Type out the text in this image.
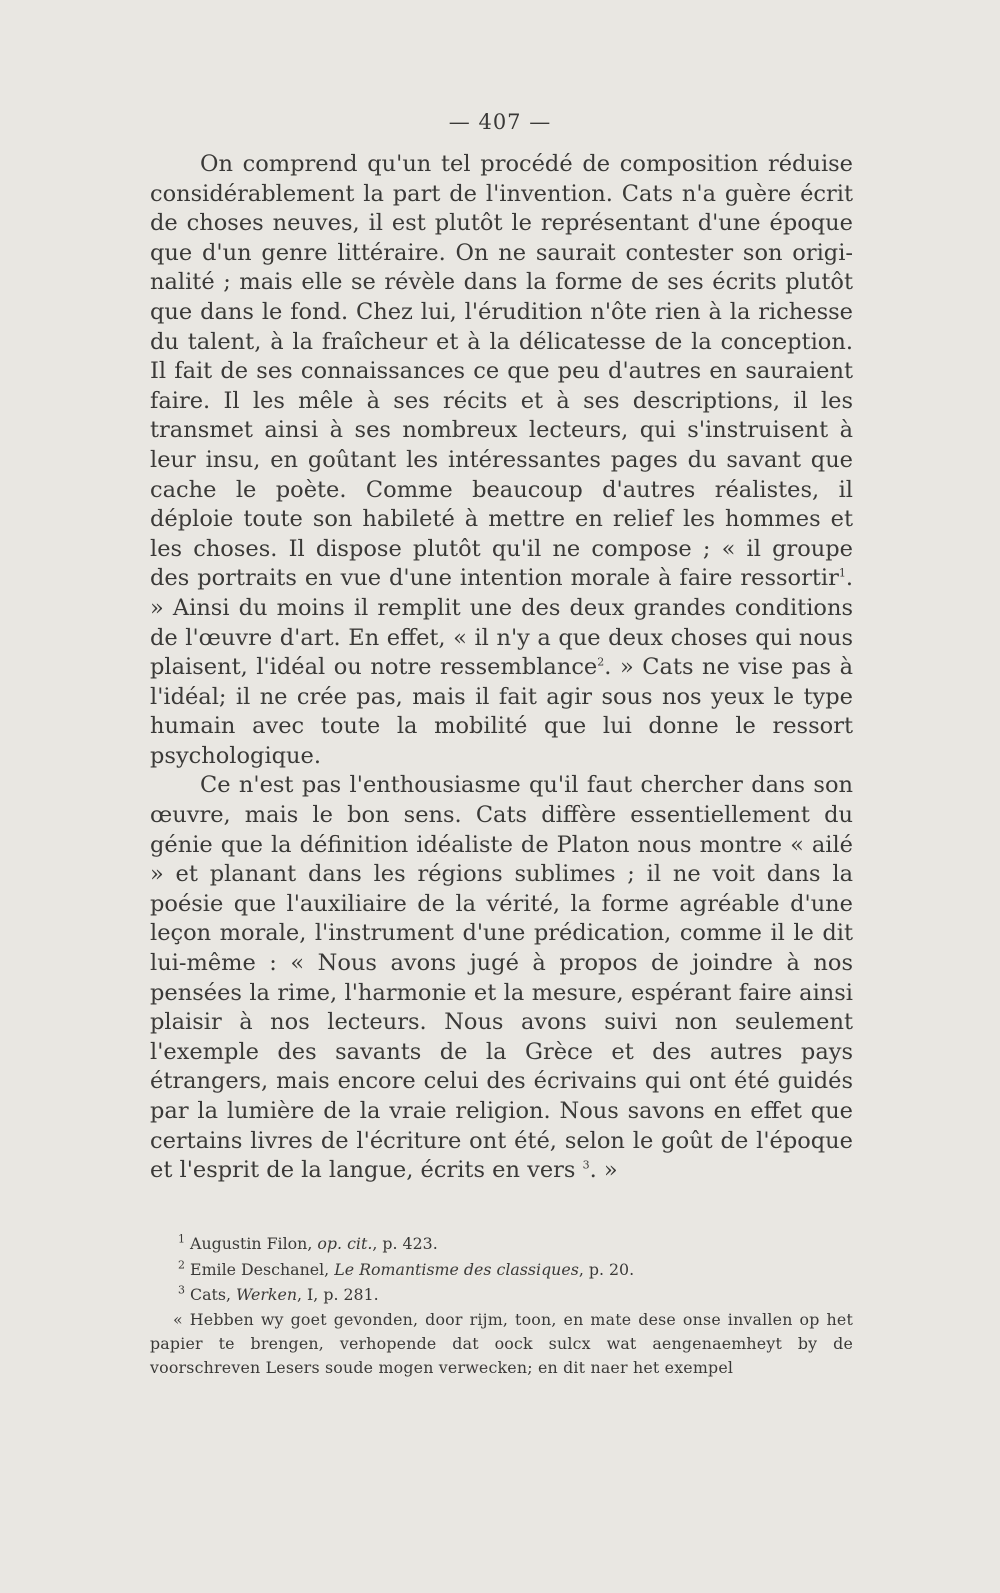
— 407 —

On comprend qu'un tel procédé de composition réduise considérablement la part de l'invention. Cats n'a guère écrit de choses neuves, il est plutôt le représentant d'une époque que d'un genre littéraire. On ne saurait contester son origi-nalité ; mais elle se révèle dans la forme de ses écrits plutôt que dans le fond. Chez lui, l'érudition n'ôte rien à la richesse du talent, à la fraîcheur et à la délicatesse de la conception. Il fait de ses connaissances ce que peu d'autres en sauraient faire. Il les mêle à ses récits et à ses descriptions, il les transmet ainsi à ses nombreux lecteurs, qui s'instruisent à leur insu, en goûtant les intéressantes pages du savant que cache le poète. Comme beaucoup d'autres réalistes, il déploie toute son habileté à mettre en relief les hommes et les choses. Il dispose plutôt qu'il ne compose ; « il groupe des portraits en vue d'une intention morale à faire ressortir$^1$. » Ainsi du moins il remplit une des deux grandes conditions de l'œuvre d'art. En effet, « il n'y a que deux choses qui nous plaisent, l'idéal ou notre ressemblance$^2$. » Cats ne vise pas à l'idéal; il ne crée pas, mais il fait agir sous nos yeux le type humain avec toute la mobilité que lui donne le ressort psychologique.

Ce n'est pas l'enthousiasme qu'il faut chercher dans son œuvre, mais le bon sens. Cats diffère essentiellement du génie que la définition idéaliste de Platon nous montre « ailé » et planant dans les régions sublimes ; il ne voit dans la poésie que l'auxiliaire de la vérité, la forme agréable d'une leçon morale, l'instrument d'une prédication, comme il le dit lui-même : « Nous avons jugé à propos de joindre à nos pensées la rime, l'harmonie et la mesure, espérant faire ainsi plaisir à nos lecteurs. Nous avons suivi non seulement l'exemple des savants de la Grèce et des autres pays étrangers, mais encore celui des écrivains qui ont été guidés par la lumière de la vraie religion. Nous savons en effet que certains livres de l'écriture ont été, selon le goût de l'époque et l'esprit de la langue, écrits en vers $^3$. »

$^1$ Augustin Filon, op. cit., p. 423.

$^2$ Emile Deschanel, Le Romantisme des classiques, p. 20.

$^3$ Cats, Werken, I, p. 281.

« Hebben wy goet gevonden, door rijm, toon, en mate dese onse invallen op het papier te brengen, verhopende dat oock sulcx wat aengenaemheyt by de voorschreven Lesers soude mogen verwecken; en dit naer het exempel
